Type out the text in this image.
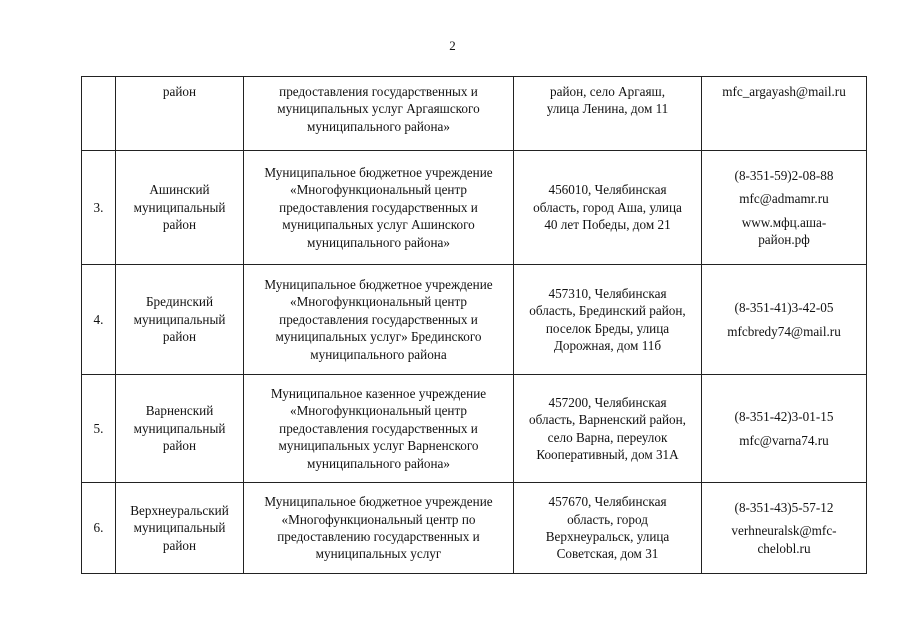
2

	район	предоставления государственных и
муниципальных услуг Аргаяшского
муниципального района»	район, село Аргаяш,
улица Ленина, дом 11	mfc_argayash@mail.ru

3.	Ашинский
муниципальный
район	Муниципальное бюджетное учреждение
«Многофункциональный центр
предоставления государственных и
муниципальных услуг Ашинского
муниципального района»	456010, Челябинская
область, город Аша, улица
40 лет Победы, дом 21	(8-351-59)2-08-88
mfc@admamr.ru
www.мфц.аша-
район.рф

4.	Брединский
муниципальный
район	Муниципальное бюджетное учреждение
«Многофункциональный центр
предоставления государственных и
муниципальных услуг» Брединского
муниципального района	457310, Челябинская
область, Брединский район,
поселок Бреды, улица
Дорожная, дом 11б	(8-351-41)3-42-05
mfcbredy74@mail.ru

5.	Варненский
муниципальный
район	Муниципальное казенное учреждение
«Многофункциональный центр
предоставления государственных и
муниципальных услуг Варненского
муниципального района»	457200, Челябинская
область, Варненский район,
село Варна, переулок
Кооперативный, дом 31А	(8-351-42)3-01-15
mfc@varna74.ru

6.	Верхнеуральский
муниципальный
район	Муниципальное бюджетное учреждение
«Многофункциональный центр по
предоставлению государственных и
муниципальных услуг	457670, Челябинская
область, город
Верхнеуральск, улица
Советская, дом 31	(8-351-43)5-57-12
verhneuralsk@mfc-
chelobl.ru
